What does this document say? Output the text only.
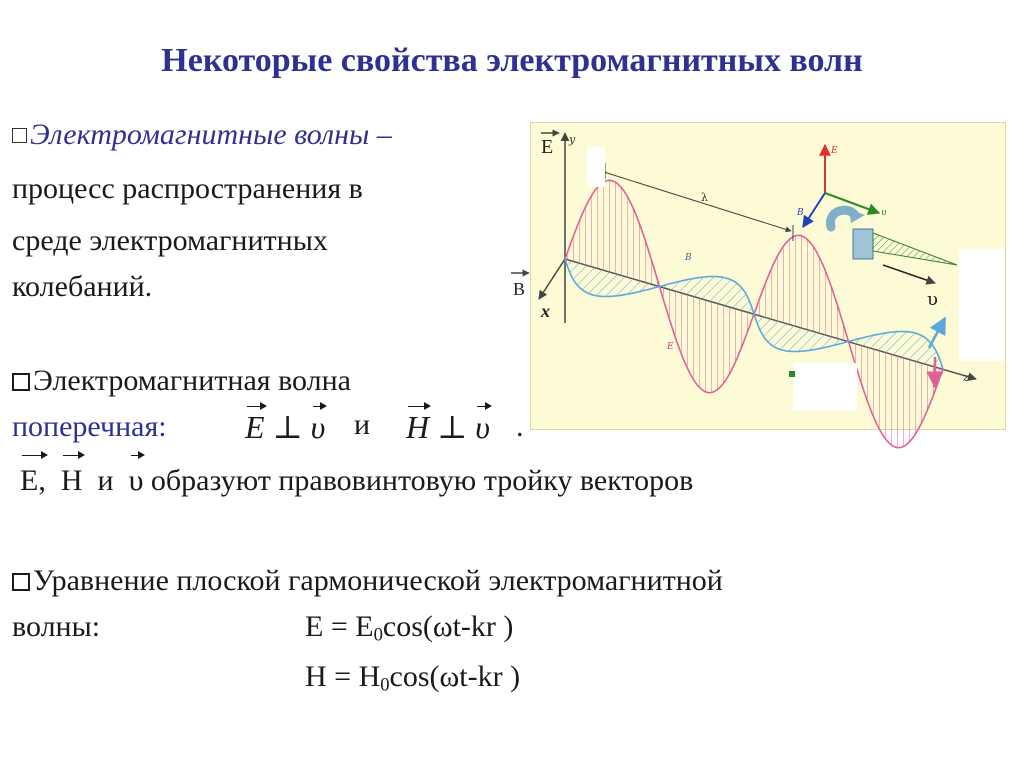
Некоторые свойства электромагнитных волн
Электромагнитные волны –
процесс распространения в
среде электромагнитных
колебаний.
Электромагнитная волна
поперечная: E ⊥ υ и H ⊥ υ .
E, H и υ образуют правовинтовую тройку векторов
Уравнение плоской гармонической электромагнитной
волны:	$E = E_0\cos(\omega t-kr$ )
$H = H_0\cos(\omega t-kr$ )
λ
y
E
B
x
z
B
E
υ
E
B	υ
